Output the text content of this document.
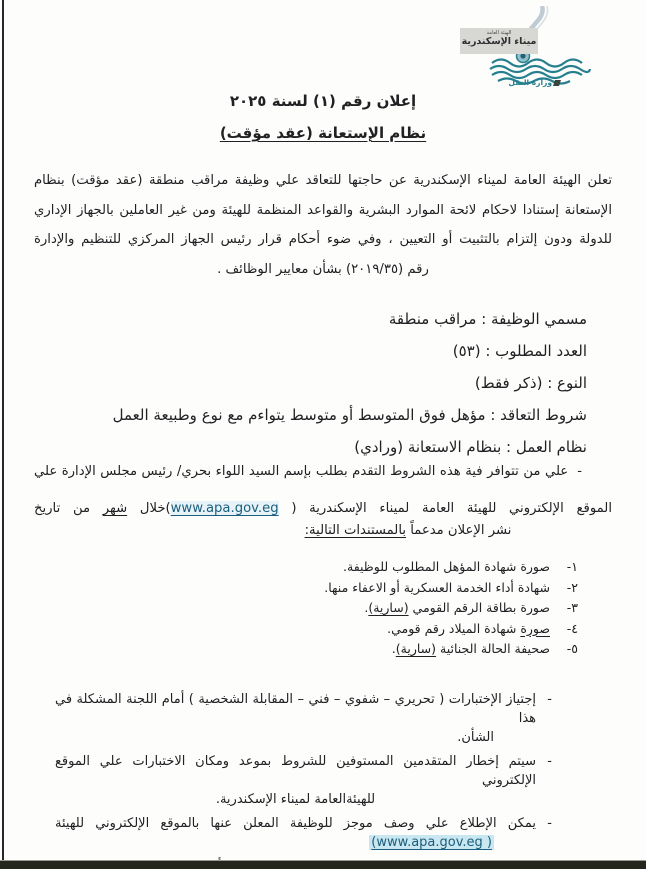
الهيئة العامة
ميناء الإسكندرية
وزارة النقل
إعلان رقم (١) لسنة ٢٠٢٥
نظام الإستعانة (عقد مؤقت)
تعلن الهيئة العامة لميناء الإسكندرية عن حاجتها للتعاقد علي وظيفة مراقب منطقة (عقد مؤقت) بنظام
الإستعانة إستنادا لاحكام لائحة الموارد البشرية والقواعد المنظمة للهيئة ومن غير العاملين بالجهاز الإداري
للدولة ودون إلتزام بالتثبيت أو التعيين ، وفي ضوء أحكام قرار رئيس الجهاز المركزي للتنظيم والإدارة
رقم (٢٠١٩/٣٥) بشأن معايير الوظائف .
مسمي الوظيفة : مراقب منطقة
العدد المطلوب : (٥٣)
النوع : (ذكر فقط)
شروط التعاقد : مؤهل فوق المتوسط أو متوسط يتواءم مع نوع وطبيعة العمل
نظام العمل : بنظام الاستعانة (ورادي)
-  علي من تتوافر فية هذه الشروط التقدم بطلب بإسم السيد اللواء بحري/ رئيس مجلس الإدارة علي
الموقع الإلكتروني للهيئة العامة لميناء الإسكندرية ( www.apa.gov.eg)خلال شهر من تاريخ
نشر الإعلان مدعماً بالمستندات التالية:
١-
صورة شهادة المؤهل المطلوب للوظيفة.
٢-
شهادة أداء الخدمة العسكرية أو الاعفاء منها.
٣-
صورة بطاقة الرقم القومي (سارية).
٤-
صورة شهادة الميلاد رقم قومي.
٥-
صحيفة الحالة الجنائية (سارية).
-
إجتياز الإختبارات ( تحريري – شفوي – فني – المقابلة الشخصية ) أمام اللجنة المشكلة في هذا
الشأن.
-
سيتم إخطار المتقدمين المستوفين للشروط بموعد ومكان الاختبارات علي الموقع الإلكتروني
للهيئةالعامة لميناء الإسكندرية.
-
يمكن الإطلاع علي وصف موجز للوظيفة المعلن عنها بالموقع الإلكتروني للهيئة
(www.apa.gov.eg )
